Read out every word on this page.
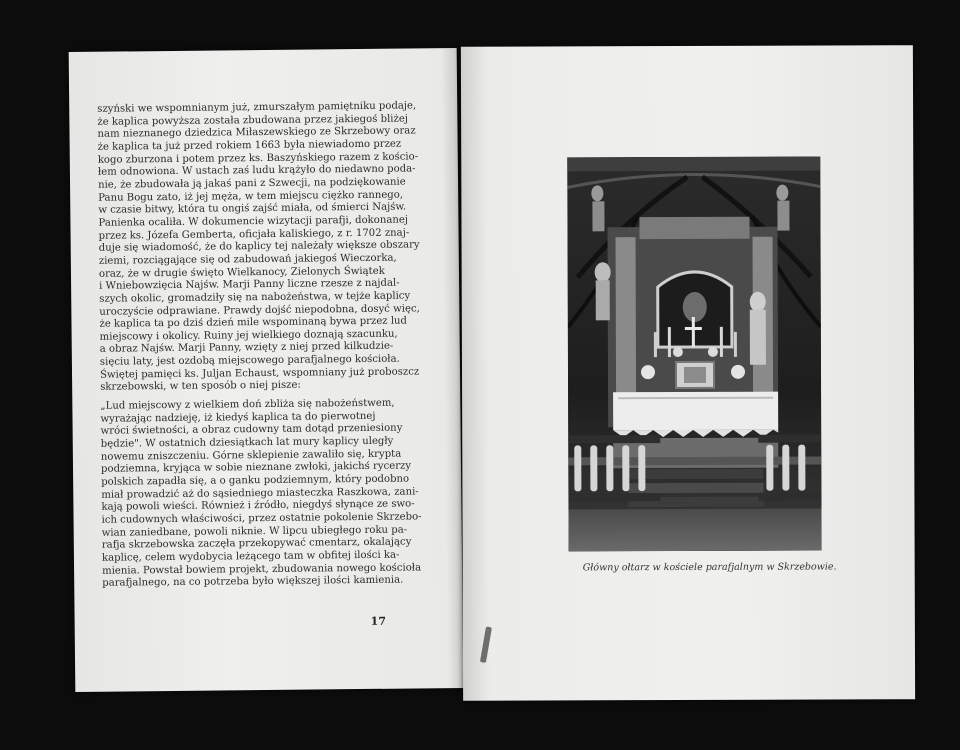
szyński we wspomnianym już, zmurszałym pamiętniku podaje,
że kaplica powyższa została zbudowana przez jakiegoś bliżej
nam nieznanego dziedzica Miłaszewskiego ze Skrzebowy oraz
że kaplica ta już przed rokiem 1663 była niewiadomo przez
kogo zburzona i potem przez ks. Baszyńskiego razem z kościo-
łem odnowiona. W ustach zaś ludu krążyło do niedawno poda-
nie, że zbudowała ją jakaś pani z Szwecji, na podziękowanie
Panu Bogu zato, iż jej męża, w tem miejscu ciężko rannego,
w czasie bitwy, która tu ongiś zajść miała, od śmierci Najśw.
Panienka ocaliła. W dokumencie wizytacji parafji, dokonanej
przez ks. Józefa Gemberta, oficjała kaliskiego, z r. 1702 znaj-
duje się wiadomość, że do kaplicy tej należały większe obszary
ziemi, rozciągające się od zabudowań jakiegoś Wieczorka,
oraz, że w drugie święto Wielkanocy, Zielonych Świątek
i Wniebowzięcia Najśw. Marji Panny liczne rzesze z najdal-
szych okolic, gromadziły się na nabożeństwa, w tejże kaplicy
uroczyście odprawiane. Prawdy dojść niepodobna, dosyć więc,
że kaplica ta po dziś dzień mile wspominaną bywa przez lud
miejscowy i okolicy. Ruiny jej wielkiego doznają szacunku,
a obraz Najśw. Marji Panny, wzięty z niej przed kilkudzie-
sięciu laty, jest ozdobą miejscowego parafjalnego kościoła.
Świętej pamięci ks. Juljan Echaust, wspomniany już proboszcz
skrzebowski, w ten sposób o niej pisze:

„Lud miejscowy z wielkiem doń zbliża się nabożeństwem,
wyrażając nadzieję, iż kiedyś kaplica ta do pierwotnej
wróci świetności, a obraz cudowny tam dotąd przeniesiony
będzie". W ostatnich dziesiątkach lat mury kaplicy uległy
nowemu zniszczeniu. Górne sklepienie zawaliło się, krypta
podziemna, kryjąca w sobie nieznane zwłoki, jakichś rycerzy
polskich zapadła się, a o ganku podziemnym, który podobno
miał prowadzić aż do sąsiedniego miasteczka Raszkowa, zani-
kają powoli wieści. Również i źródło, niegdyś słynące ze swo-
ich cudownych właściwości, przez ostatnie pokolenie Skrzebo-
wian zaniedbane, powoli niknie. W lipcu ubiegłego roku pa-
rafja skrzebowska zaczęła przekopywać cmentarz, okalający
kaplicę, celem wydobycia leżącego tam w obfitej ilości ka-
mienia. Powstał bowiem projekt, zbudowania nowego kościoła
parafjalnego, na co potrzeba było większej ilości kamienia.

17
Główny ołtarz w kościele parafjalnym w Skrzebowie.
